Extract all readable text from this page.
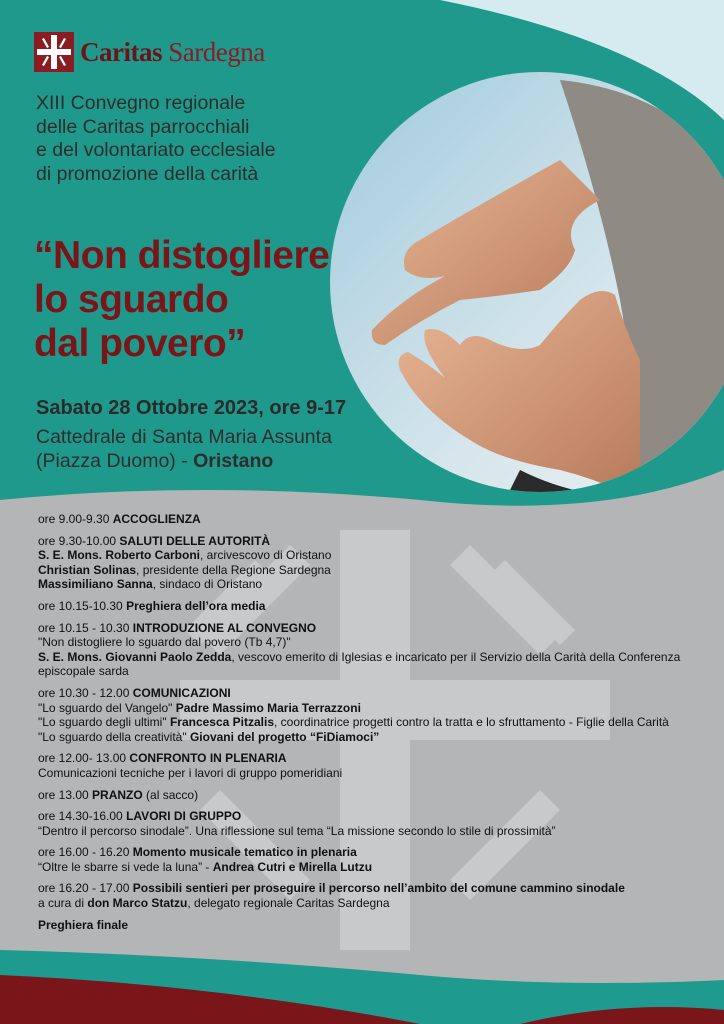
Caritas Sardegna
XIII Convegno regionale
delle Caritas parrocchiali
e del volontariato ecclesiale
di promozione della carità
“Non distogliere
lo sguardo
dal povero”
Sabato 28 Ottobre 2023, ore 9-17
Cattedrale di Santa Maria Assunta
(Piazza Duomo) - Oristano
ore 9.00-9.30 ACCOGLIENZA
ore 9.30-10.00 SALUTI DELLE AUTORITÀ
S. E. Mons. Roberto Carboni, arcivescovo di Oristano
Christian Solinas, presidente della Regione Sardegna
Massimiliano Sanna, sindaco di Oristano
ore 10.15-10.30 Preghiera dell’ora media
ore 10.15 - 10.30 INTRODUZIONE AL CONVEGNO
"Non distogliere lo sguardo dal povero (Tb 4,7)"
S. E. Mons. Giovanni Paolo Zedda, vescovo emerito di Iglesias e incaricato per il Servizio della Carità della Conferenza episcopale sarda
ore 10.30 - 12.00 COMUNICAZIONI
"Lo sguardo del Vangelo" Padre Massimo Maria Terrazzoni
"Lo sguardo degli ultimi" Francesca Pitzalis, coordinatrice progetti contro la tratta e lo sfruttamento - Figlie della Carità
"Lo sguardo della creatività" Giovani del progetto “FiDiamoci”
ore 12.00- 13.00 CONFRONTO IN PLENARIA
Comunicazioni tecniche per i lavori di gruppo pomeridiani
ore 13.00 PRANZO (al sacco)
ore 14.30-16.00 LAVORI DI GRUPPO
“Dentro il percorso sinodale”. Una riflessione sul tema “La missione secondo lo stile di prossimità”
ore 16.00 - 16.20 Momento musicale tematico in plenaria
“Oltre le sbarre si vede la luna” - Andrea Cutri e Mirella Lutzu
ore 16.20 - 17.00 Possibili sentieri per proseguire il percorso nell’ambito del comune cammino sinodale
a cura di don Marco Statzu, delegato regionale Caritas Sardegna
Preghiera finale
